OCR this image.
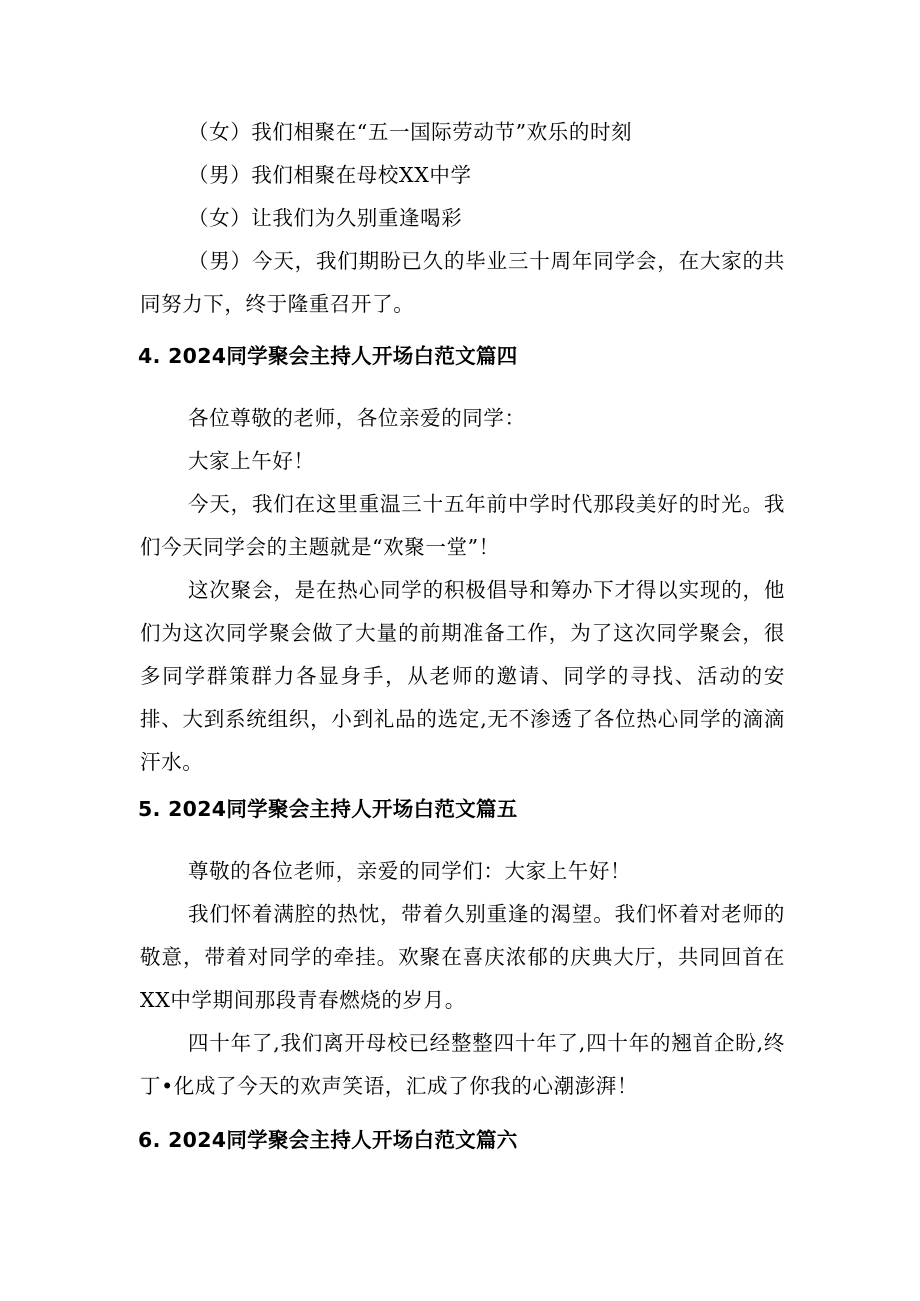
（女）我们相聚在“五一国际劳动节”欢乐的时刻

（男）我们相聚在母校XX中学

（女）让我们为久别重逢喝彩

（男）今天，我们期盼已久的毕业三十周年同学会，在大家的共同努力下，终于隆重召开了。

4. 2024同学聚会主持人开场白范文篇四

各位尊敬的老师，各位亲爱的同学：

大家上午好！

今天，我们在这里重温三十五年前中学时代那段美好的时光。我们今天同学会的主题就是“欢聚一堂”！

这次聚会，是在热心同学的积极倡导和筹办下才得以实现的，他们为这次同学聚会做了大量的前期准备工作，为了这次同学聚会，很多同学群策群力各显身手，从老师的邀请、同学的寻找、活动的安排、大到系统组织，小到礼品的选定,无不渗透了各位热心同学的滴滴汗水。

5. 2024同学聚会主持人开场白范文篇五

尊敬的各位老师，亲爱的同学们：大家上午好！

我们怀着满腔的热忱，带着久别重逢的渴望。我们怀着对老师的敬意，带着对同学的牵挂。欢聚在喜庆浓郁的庆典大厅，共同回首在XX中学期间那段青春燃烧的岁月。

四十年了,我们离开母校已经整整四十年了,四十年的翘首企盼,终丁•化成了今天的欢声笑语，汇成了你我的心潮澎湃！

6. 2024同学聚会主持人开场白范文篇六
